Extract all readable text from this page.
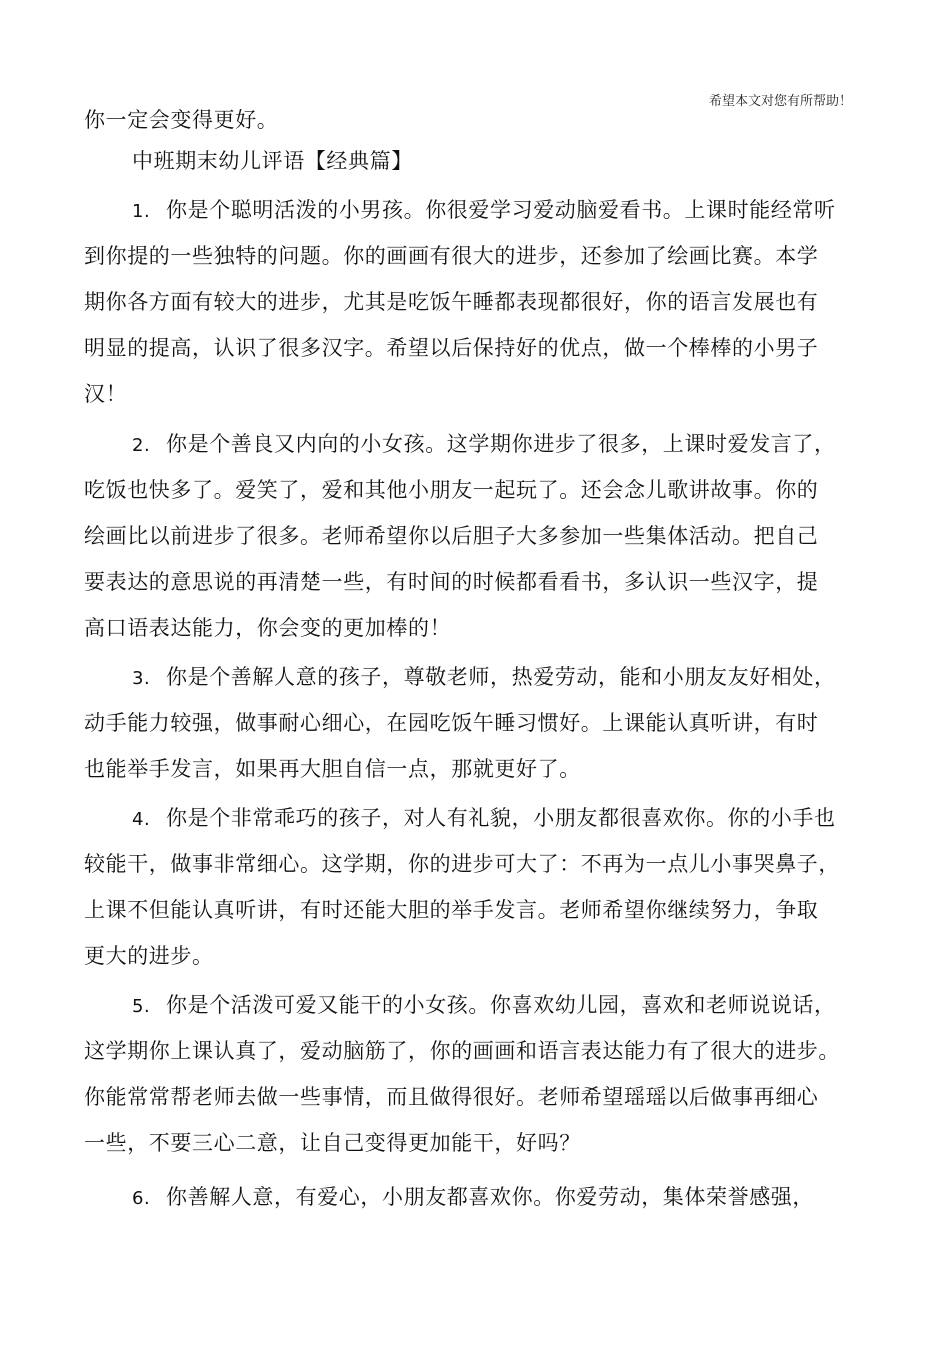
希望本文对您有所帮助！
你一定会变得更好。
中班期末幼儿评语【经典篇】
1. 你是个聪明活泼的小男孩。你很爱学习爱动脑爱看书。上课时能经常听
到你提的一些独特的问题。你的画画有很大的进步，还参加了绘画比赛。本学
期你各方面有较大的进步，尤其是吃饭午睡都表现都很好，你的语言发展也有
明显的提高，认识了很多汉字。希望以后保持好的优点，做一个棒棒的小男子
汉！
2. 你是个善良又内向的小女孩。这学期你进步了很多，上课时爱发言了，
吃饭也快多了。爱笑了，爱和其他小朋友一起玩了。还会念儿歌讲故事。你的
绘画比以前进步了很多。老师希望你以后胆子大多参加一些集体活动。把自己
要表达的意思说的再清楚一些，有时间的时候都看看书，多认识一些汉字，提
高口语表达能力，你会变的更加棒的！
3. 你是个善解人意的孩子，尊敬老师，热爱劳动，能和小朋友友好相处，
动手能力较强，做事耐心细心，在园吃饭午睡习惯好。上课能认真听讲，有时
也能举手发言，如果再大胆自信一点，那就更好了。
4. 你是个非常乖巧的孩子，对人有礼貌，小朋友都很喜欢你。你的小手也
较能干，做事非常细心。这学期，你的进步可大了：不再为一点儿小事哭鼻子，
上课不但能认真听讲，有时还能大胆的举手发言。老师希望你继续努力，争取
更大的进步。
5. 你是个活泼可爱又能干的小女孩。你喜欢幼儿园，喜欢和老师说说话，
这学期你上课认真了，爱动脑筋了，你的画画和语言表达能力有了很大的进步。
你能常常帮老师去做一些事情，而且做得很好。老师希望瑶瑶以后做事再细心
一些，不要三心二意，让自己变得更加能干，好吗？
6. 你善解人意，有爱心，小朋友都喜欢你。你爱劳动，集体荣誉感强，
